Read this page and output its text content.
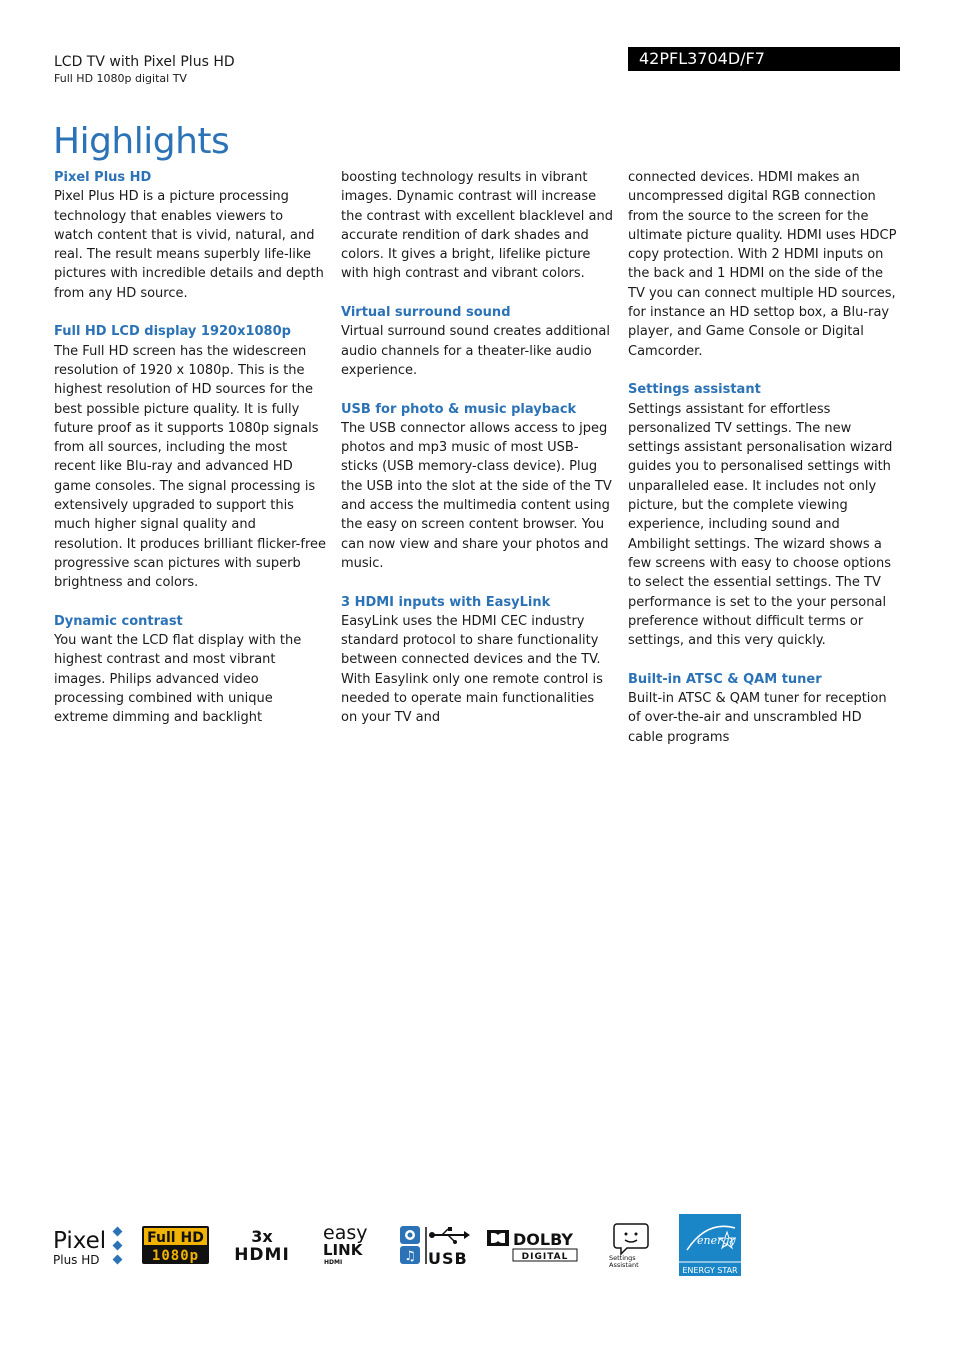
LCD TV with Pixel Plus HD
Full HD 1080p digital TV
42PFL3704D/F7
Highlights
Pixel Plus HD

Pixel Plus HD is a picture processing technology that enables viewers to watch content that is vivid, natural, and real. The result means superbly life-like pictures with incredible details and depth from any HD source.

Full HD LCD display 1920x1080p

The Full HD screen has the widescreen resolution of 1920 x 1080p. This is the highest resolution of HD sources for the best possible picture quality. It is fully future proof as it supports 1080p signals from all sources, including the most recent like Blu-ray and advanced HD game consoles. The signal processing is extensively upgraded to support this much higher signal quality and resolution. It produces brilliant flicker-free progressive scan pictures with superb brightness and colors.

Dynamic contrast

You want the LCD flat display with the highest contrast and most vibrant images. Philips advanced video processing combined with unique extreme dimming and backlight

boosting technology results in vibrant images. Dynamic contrast will increase the contrast with excellent blacklevel and accurate rendition of dark shades and colors. It gives a bright, lifelike picture with high contrast and vibrant colors.

Virtual surround sound

Virtual surround sound creates additional audio channels for a theater-like audio experience.

USB for photo & music playback

The USB connector allows access to jpeg photos and mp3 music of most USB-sticks (USB memory-class device). Plug the USB into the slot at the side of the TV and access the multimedia content using the easy on screen content browser. You can now view and share your photos and music.

3 HDMI inputs with EasyLink

EasyLink uses the HDMI CEC industry standard protocol to share functionality between connected devices and the TV. With Easylink only one remote control is needed to operate main functionalities on your TV and

connected devices. HDMI makes an uncompressed digital RGB connection from the source to the screen for the ultimate picture quality. HDMI uses HDCP copy protection. With 2 HDMI inputs on the back and 1 HDMI on the side of the TV you can connect multiple HD sources, for instance an HD settop box, a Blu-ray player, and Game Console or Digital Camcorder.

Settings assistant

Settings assistant for effortless personalized TV settings. The new settings assistant personalisation wizard guides you to personalised settings with unparalleled ease. It includes not only picture, but the complete viewing experience, including sound and Ambilight settings. The wizard shows a few screens with easy to choose options to select the essential settings. The TV performance is set to the your personal preference without difficult terms or settings, and this very quickly.

Built-in ATSC & QAM tuner

Built-in ATSC & QAM tuner for reception of over-the-air and unscrambled HD cable programs

Pixel
Plus HD
Full HD
1080p
3x
HDMI
easy
LINK
HDMI	♫ USB
DOLBY
DIGITAL	Settings
Assistant
energy
ENERGY STAR
